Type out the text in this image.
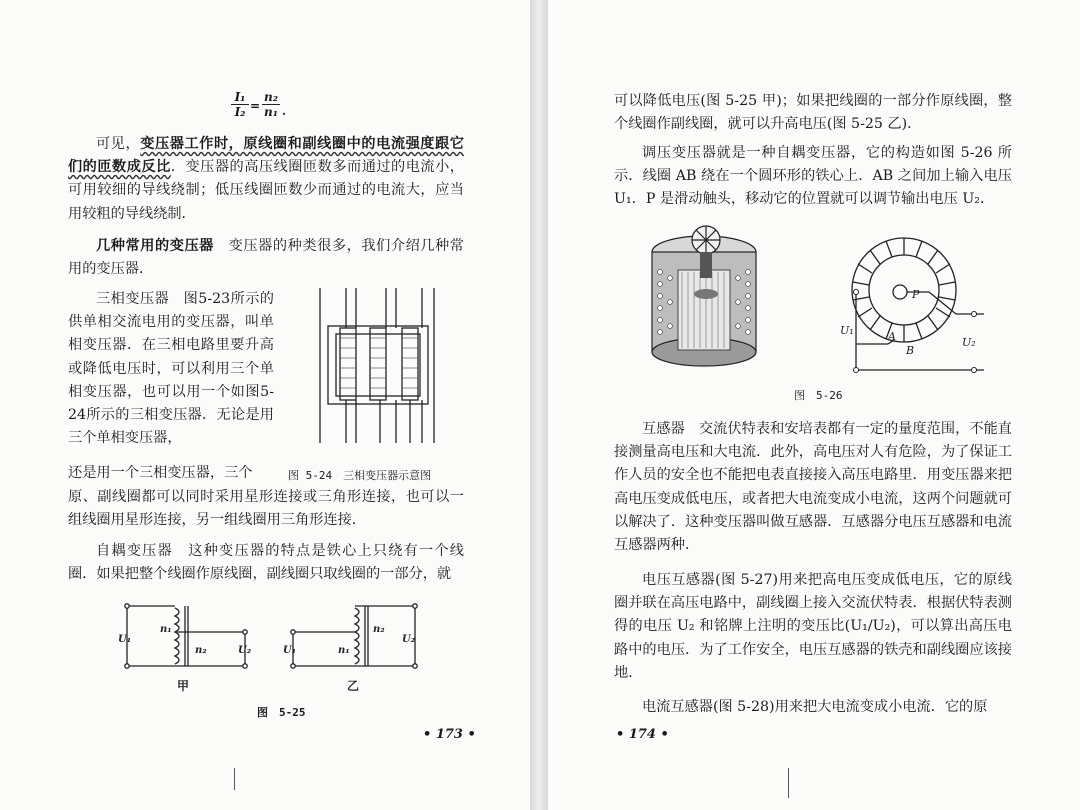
$\frac{\text{I₁}}{\text{I₂}} = \frac{\text{n₂}}{\text{n₁}}$ .

可见，变压器工作时，原线圈和副线圈中的电流强度跟它们的匝数成反比．变压器的高压线圈匝数多而通过的电流小，可用较细的导线绕制；低压线圈匝数少而通过的电流大，应当用较粗的导线绕制．

几种常用的变压器　变压器的种类很多，我们介绍几种常用的变压器．

三相变压器　图5-23所示的供单相交流电用的变压器，叫单相变压器．在三相电路里要升高或降低电压时，可以利用三个单相变压器，也可以用一个如图5-24所示的三相变压器．无论是用三个单相变压器，

还是用一个三相变压器，三个	图 5-24　三相变压器示意图

原、副线圈都可以同时采用星形连接或三角形连接，也可以一组线圈用星形连接，另一组线圈用三角形连接．

自耦变压器　这种变压器的特点是铁心上只绕有一个线圈．如果把整个线圈作原线圈，副线圈只取线圈的一部分，就

U₁
n₁
n₂	U₂	U₁	n₁
n₂
U₂
甲	乙
图　5-25
• 173 •

可以降低电压(图 5-25 甲)；如果把线圈的一部分作原线圈，整个线圈作副线圈，就可以升高电压(图 5-25 乙)．

调压变压器就是一种自耦变压器，它的构造如图 5-26 所示．线圈 AB 绕在一个圆环形的铁心上．AB 之间加上输入电压 U₁．P 是滑动触头，移动它的位置就可以调节输出电压 U₂．

P
A
B
U₁
U₂
图　5-26

互感器　交流伏特表和安培表都有一定的量度范围，不能直接测量高电压和大电流．此外，高电压对人有危险，为了保证工作人员的安全也不能把电表直接接入高压电路里．用变压器来把高电压变成低电压，或者把大电流变成小电流，这两个问题就可以解决了．这种变压器叫做互感器．互感器分电压互感器和电流互感器两种．

电压互感器(图 5-27)用来把高电压变成低电压，它的原线圈并联在高压电路中，副线圈上接入交流伏特表．根据伏特表测得的电压 U₂ 和铭牌上注明的变压比(U₁/U₂)，可以算出高压电路中的电压．为了工作安全，电压互感器的铁壳和副线圈应该接地．

电流互感器(图 5-28)用来把大电流变成小电流．它的原

• 174 •
